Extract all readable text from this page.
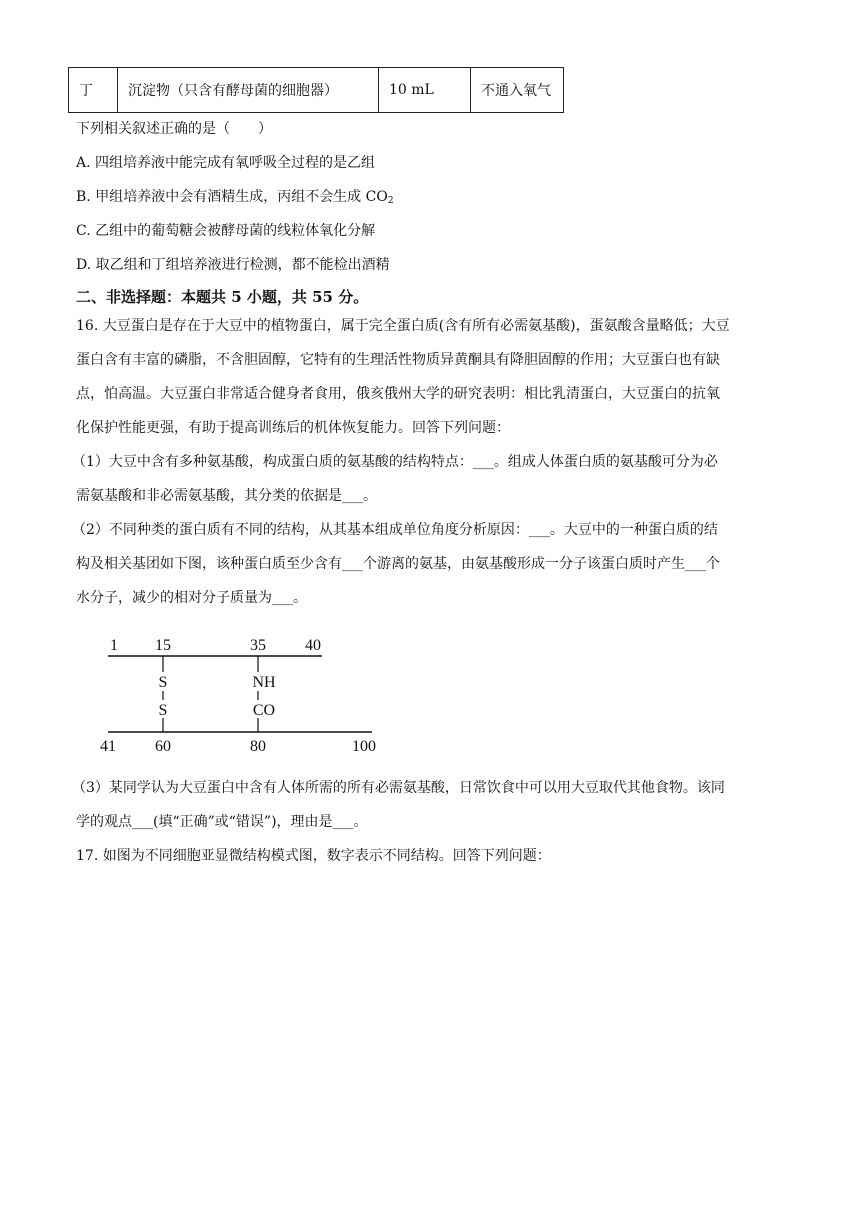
丁	沉淀物（只含有酵母菌的细胞器）	10 mL	不通入氧气
下列相关叙述正确的是（　　）
A. 四组培养液中能完成有氧呼吸全过程的是乙组
B. 甲组培养液中会有酒精生成，丙组不会生成 $CO_2$
C. 乙组中的葡萄糖会被酵母菌的线粒体氧化分解
D. 取乙组和丁组培养液进行检测，都不能检出酒精
二、非选择题：本题共 5 小题，共 55 分。
16. 大豆蛋白是存在于大豆中的植物蛋白，属于完全蛋白质(含有所有必需氨基酸)，蛋氨酸含量略低；大豆
蛋白含有丰富的磷脂，不含胆固醇，它特有的生理活性物质异黄酮具有降胆固醇的作用；大豆蛋白也有缺
点，怕高温。大豆蛋白非常适合健身者食用，俄亥俄州大学的研究表明：相比乳清蛋白，大豆蛋白的抗氧
化保护性能更强，有助于提高训练后的机体恢复能力。回答下列问题：
（1）大豆中含有多种氨基酸，构成蛋白质的氨基酸的结构特点：___。组成人体蛋白质的氨基酸可分为必
需氨基酸和非必需氨基酸，其分类的依据是___。
（2）不同种类的蛋白质有不同的结构，从其基本组成单位角度分析原因：___。大豆中的一种蛋白质的结
构及相关基团如下图，该种蛋白质至少含有___个游离的氨基，由氨基酸形成一分子该蛋白质时产生___个
水分子，减少的相对分子质量为___。
1 15	35 40
S
S
NH
CO
41 60	80	100
（3）某同学认为大豆蛋白中含有人体所需的所有必需氨基酸，日常饮食中可以用大豆取代其他食物。该同
学的观点___(填“正确”或“错误”)，理由是___。
17. 如图为不同细胞亚显微结构模式图，数字表示不同结构。回答下列问题：
